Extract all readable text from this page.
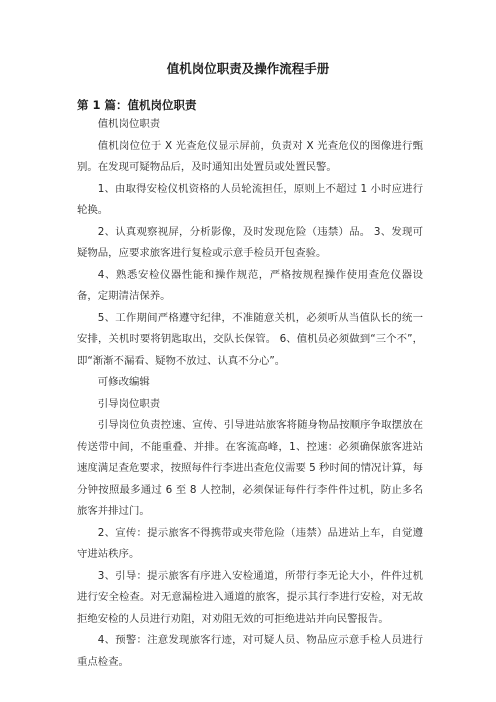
值机岗位职责及操作流程手册
第 1 篇：值机岗位职责

值机岗位职责

值机岗位位于 X 光查危仪显示屏前，负责对 X 光查危仪的图像进行甄别。在发现可疑物品后，及时通知出处置员或处置民警。

1、由取得安检仪机资格的人员轮流担任，原则上不超过 1 小时应进行轮换。

2、认真观察视屏，分析影像，及时发现危险（违禁）品。 3、发现可疑物品，应要求旅客进行复检或示意手检员开包查验。

4、熟悉安检仪器性能和操作规范，严格按规程操作使用查危仪器设备，定期清洁保养。

5、工作期间严格遵守纪律，不准随意关机，必须听从当值队长的统一安排，关机时要将钥匙取出，交队长保管。 6、值机员必须做到“三个不”，即“渐渐不漏看、疑物不放过、认真不分心”。

可修改编辑

引导岗位职责

引导岗位负责控速、宣传、引导进站旅客将随身物品按顺序争取摆放在传送带中间，不能重叠、并排。在客流高峰，1、控速：必须确保旅客进站速度满足查危要求，按照每件行李进出查危仪需要 5 秒时间的情况计算，每分钟按照最多通过 6 至 8 人控制，必须保证每件行李件件过机，防止多名旅客并排过门。

2、宣传：提示旅客不得携带或夹带危险（违禁）品进站上车，自觉遵守进站秩序。

3、引导：提示旅客有序进入安检通道，所带行李无论大小，件件过机进行安全检查。对无意漏检进入通道的旅客，提示其行李进行安检，对无故拒绝安检的人员进行劝阻，对劝阻无效的可拒绝进站并向民警报告。

4、预警：注意发现旅客行迹，对可疑人员、物品应示意手检人员进行重点检查。
